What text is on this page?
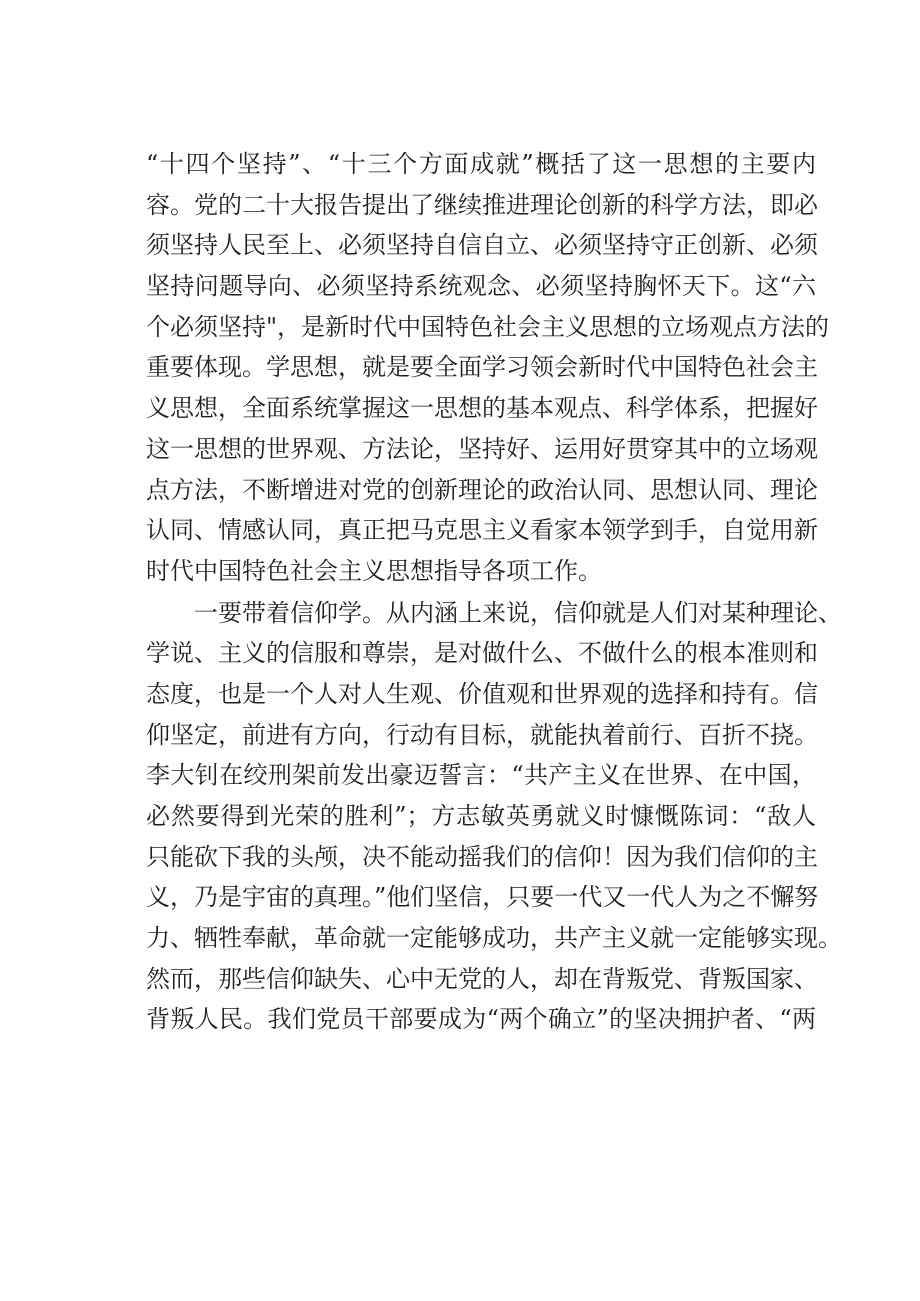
“十四个坚持”、“十三个方面成就”概括了这一思想的主要内
容。党的二十大报告提出了继续推进理论创新的科学方法，即必
须坚持人民至上、必须坚持自信自立、必须坚持守正创新、必须
坚持问题导向、必须坚持系统观念、必须坚持胸怀天下。这“六
个必须坚持"，是新时代中国特色社会主义思想的立场观点方法的
重要体现。学思想，就是要全面学习领会新时代中国特色社会主
义思想，全面系统掌握这一思想的基本观点、科学体系，把握好
这一思想的世界观、方法论，坚持好、运用好贯穿其中的立场观
点方法，不断增进对党的创新理论的政治认同、思想认同、理论
认同、情感认同，真正把马克思主义看家本领学到手，自觉用新
时代中国特色社会主义思想指导各项工作。
一要带着信仰学。从内涵上来说，信仰就是人们对某种理论、
学说、主义的信服和尊崇，是对做什么、不做什么的根本准则和
态度，也是一个人对人生观、价值观和世界观的选择和持有。信
仰坚定，前进有方向，行动有目标，就能执着前行、百折不挠。
李大钊在绞刑架前发出豪迈誓言：“共产主义在世界、在中国，
必然要得到光荣的胜利”；方志敏英勇就义时慷慨陈词：“敌人
只能砍下我的头颅，决不能动摇我们的信仰！因为我们信仰的主
义，乃是宇宙的真理。”他们坚信，只要一代又一代人为之不懈努
力、牺牲奉献，革命就一定能够成功，共产主义就一定能够实现。
然而，那些信仰缺失、心中无党的人，却在背叛党、背叛国家、
背叛人民。我们党员干部要成为“两个确立”的坚决拥护者、“两
